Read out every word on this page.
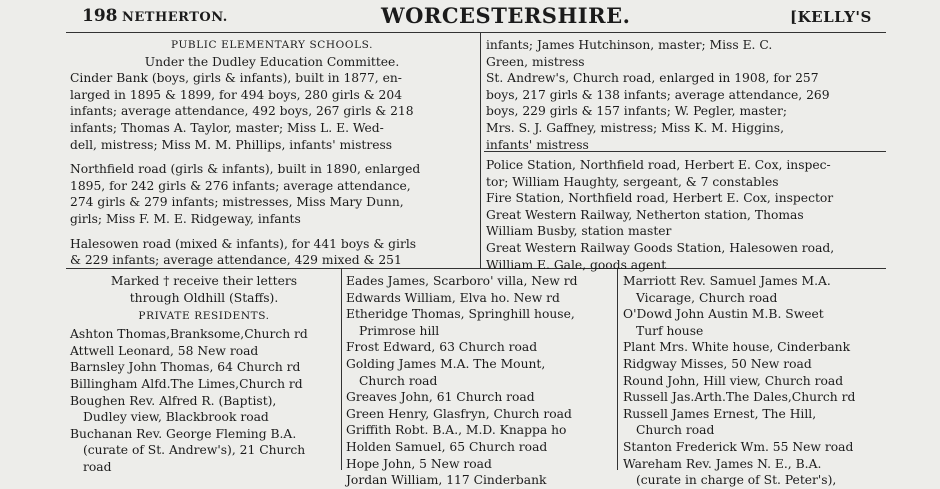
198 NETHERTON.	WORCESTERSHIRE.	[KELLY'S

PUBLIC ELEMENTARY SCHOOLS.

Under the Dudley Education Committee.

Cinder Bank (boys, girls & infants), built in 1877, en-

larged in 1895 & 1899, for 494 boys, 280 girls & 204

infants; average attendance, 492 boys, 267 girls & 218

infants; Thomas A. Taylor, master; Miss L. E. Wed-

dell, mistress; Miss M. M. Phillips, infants' mistress

Northfield road (girls & infants), built in 1890, enlarged

1895, for 242 girls & 276 infants; average attendance,

274 girls & 279 infants; mistresses, Miss Mary Dunn,

girls; Miss F. M. E. Ridgeway, infants

Halesowen road (mixed & infants), for 441 boys & girls

& 229 infants; average attendance, 429 mixed & 251

infants; James Hutchinson, master; Miss E. C.

Green, mistress

St. Andrew's, Church road, enlarged in 1908, for 257

boys, 217 girls & 138 infants; average attendance, 269

boys, 229 girls & 157 infants; W. Pegler, master;

Mrs. S. J. Gaffney, mistress; Miss K. M. Higgins,

infants' mistress

Police Station, Northfield road, Herbert E. Cox, inspec-

tor; William Haughty, sergeant, & 7 constables

Fire Station, Northfield road, Herbert E. Cox, inspector

Great Western Railway, Netherton station, Thomas

William Busby, station master

Great Western Railway Goods Station, Halesowen road,

William E. Gale, goods agent

Marked † receive their letters

through Oldhill (Staffs).

PRIVATE RESIDENTS.

Ashton Thomas,Branksome,Church rd

Attwell Leonard, 58 New road

Barnsley John Thomas, 64 Church rd

Billingham Alfd.The Limes,Church rd

Boughen Rev. Alfred R. (Baptist),

Dudley view, Blackbrook road

Buchanan Rev. George Fleming B.A.

(curate of St. Andrew's), 21 Church

road

Eades James, Scarboro' villa, New rd

Edwards William, Elva ho. New rd

Etheridge Thomas, Springhill house,

Primrose hill

Frost Edward, 63 Church road

Golding James M.A. The Mount,

Church road

Greaves John, 61 Church road

Green Henry, Glasfryn, Church road

Griffith Robt. B.A., M.D. Knappa ho

Holden Samuel, 65 Church road

Hope John, 5 New road

Jordan William, 117 Cinderbank

Marriott Rev. Samuel James M.A.

Vicarage, Church road

O'Dowd John Austin M.B. Sweet

Turf house

Plant Mrs. White house, Cinderbank

Ridgway Misses, 50 New road

Round John, Hill view, Church road

Russell Jas.Arth.The Dales,Church rd

Russell James Ernest, The Hill,

Church road

Stanton Frederick Wm. 55 New road

Wareham Rev. James N. E., B.A.

(curate in charge of St. Peter's),
